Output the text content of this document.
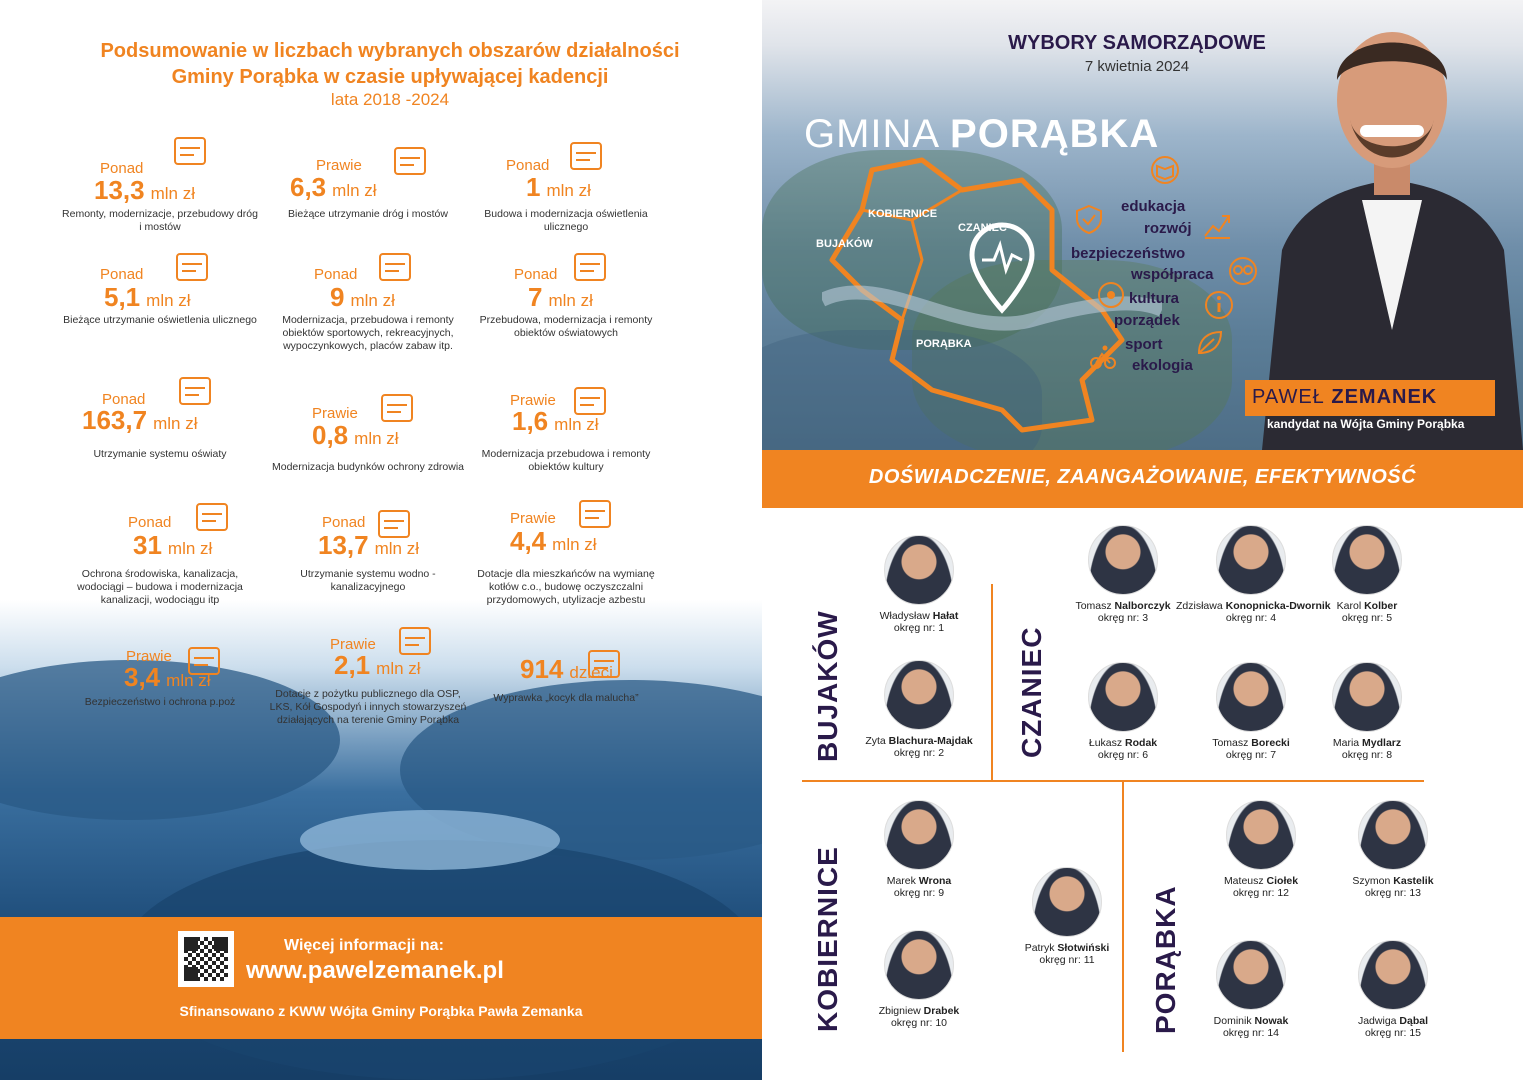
Podsumowanie w liczbach wybranych obszarów działalności
Gminy Porąbka w czasie upływającej kadencji
lata 2018 -2024
Ponad
13,3 mln zł
Remonty, modernizacje, przebudowy dróg i mostów
Prawie
6,3 mln zł
Bieżące utrzymanie dróg i mostów
Ponad
1 mln zł
Budowa i modernizacja oświetlenia ulicznego
Ponad
5,1 mln zł
Bieżące utrzymanie oświetlenia ulicznego
Ponad
9 mln zł
Modernizacja, przebudowa i remonty obiektów sportowych, rekreacyjnych, wypoczynkowych, placów zabaw itp.
Ponad
7 mln zł
Przebudowa, modernizacja i remonty obiektów oświatowych
Ponad
163,7 mln zł
Utrzymanie systemu oświaty
Prawie
0,8 mln zł
Modernizacja budynków ochrony zdrowia
Prawie
1,6 mln zł
Modernizacja przebudowa i remonty obiektów kultury
Ponad
31 mln zł
Ochrona środowiska, kanalizacja, wodociągi – budowa i modernizacja kanalizacji, wodociągu itp
Ponad
13,7 mln zł
Utrzymanie systemu wodno - kanalizacyjnego
Prawie
4,4 mln zł
Dotacje dla mieszkańców na wymianę kotłów c.o., budowę oczyszczalni przydomowych, utylizacje azbestu
Prawie
3,4 mln zł
Bezpieczeństwo i ochrona p.poż
Prawie
2,1 mln zł
Dotacje z pożytku publicznego dla OSP, LKS, Kół Gospodyń i innych stowarzyszeń działających na terenie Gminy Porąbka
914 dzieci
Wyprawka „kocyk dla malucha”
Więcej informacji na:
www.pawelzemanek.pl
Sfinansowano z KWW Wójta Gminy Porąbka Pawła Zemanka
WYBORY SAMORZĄDOWE
7 kwietnia 2024
GMINA PORĄBKA
KOBIERNICE
CZANIEC
BUJAKÓW
PORĄBKA
edukacja
rozwój
bezpieczeństwo
współpraca
kultura
porządek
sport
ekologia
PAWEŁ ZEMANEK
kandydat na Wójta Gminy Porąbka
DOŚWIADCZENIE, ZAANGAŻOWANIE, EFEKTYWNOŚĆ
BUJAKÓW	CZANIEC
KOBIERNICE	PORĄBKA
Władysław Hałat
okręg nr: 1
Zyta Blachura-Majdak
okręg nr: 2
Tomasz Nalborczyk
okręg nr: 3
Zdzisława Konopnicka-Dwornik
okręg nr: 4
Karol Kolber
okręg nr: 5
Łukasz Rodak
okręg nr: 6
Tomasz Borecki
okręg nr: 7
Maria Mydlarz
okręg nr: 8
Marek Wrona
okręg nr: 9
Zbigniew Drabek
okręg nr: 10
Patryk Słotwiński
okręg nr: 11
Mateusz Ciołek
okręg nr: 12
Szymon Kastelik
okręg nr: 13
Dominik Nowak
okręg nr: 14
Jadwiga Dąbal
okręg nr: 15
